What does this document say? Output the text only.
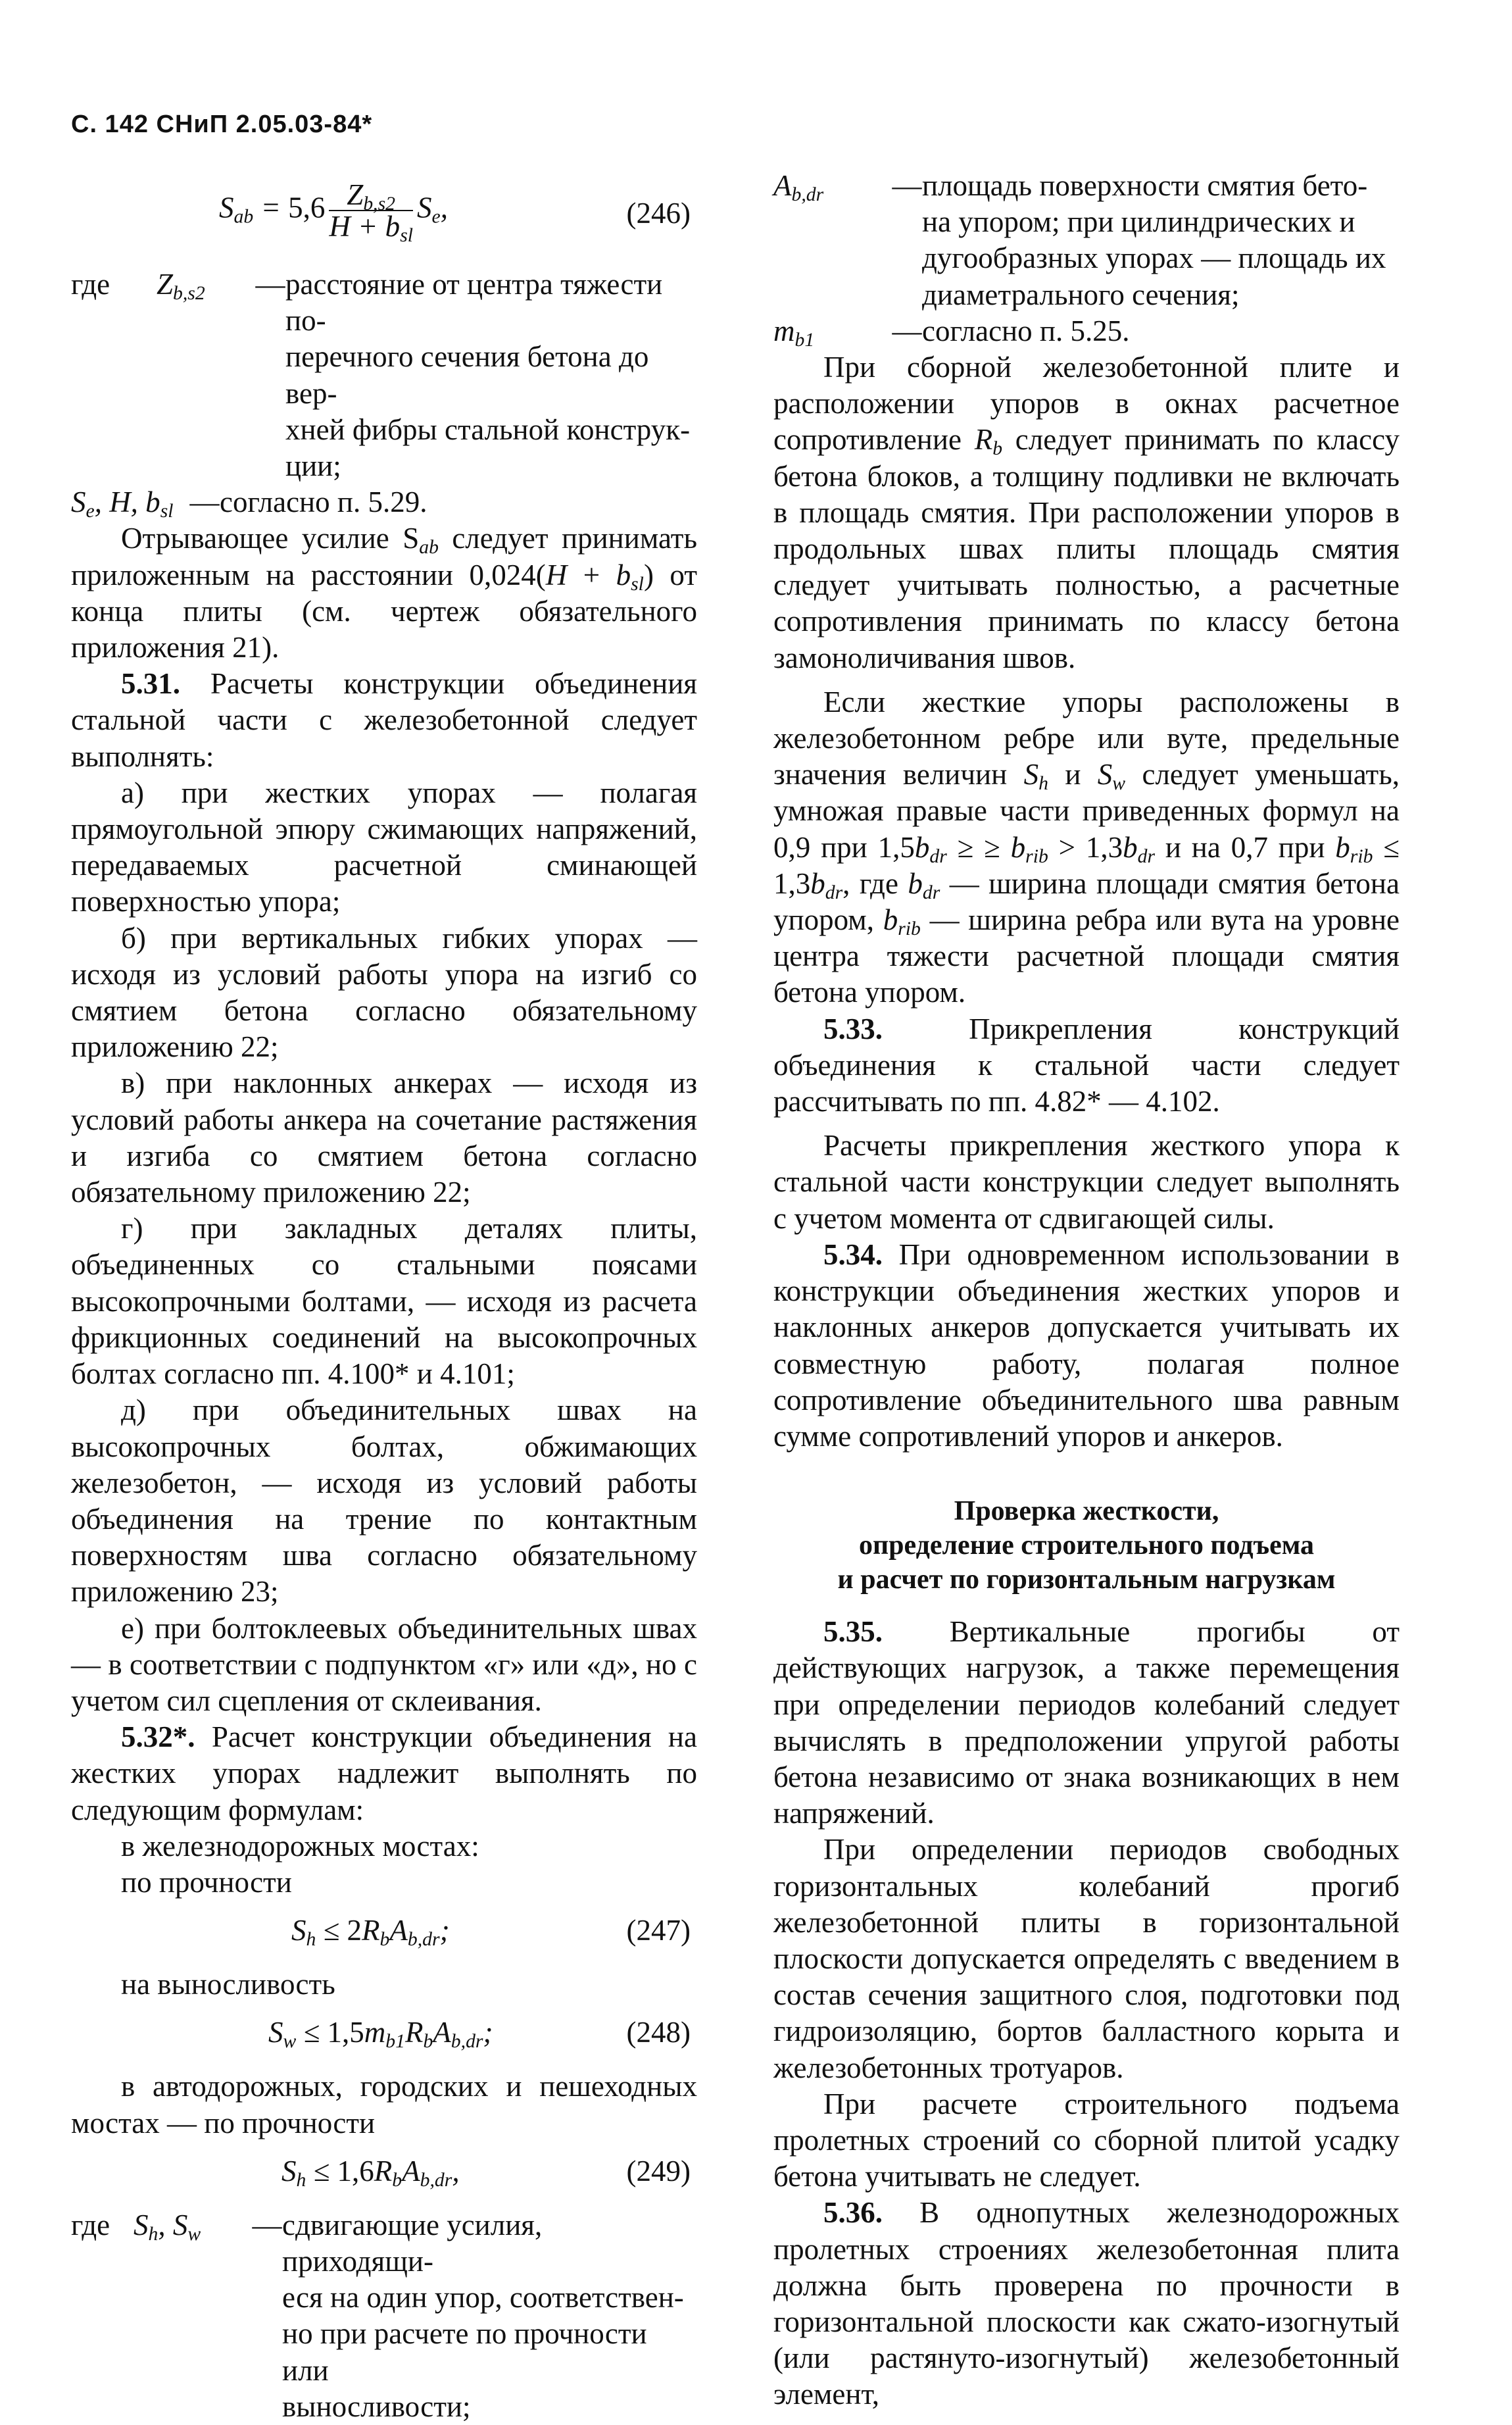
С. 142 СНиП 2.05.03-84*
$S_{ab} = 5,6 \frac{Z_{b,s2}}{H + b_{sl}} S_e$,	(246)
где	$Z_{b,s2}$	— расстояние от центра тяжести по-
перечного сечения бетона до вер-
хней фибры стальной конструк-
ции;
$S_e$, H, $b_{sl}$ — согласно п. 5.29.

Отрывающее усилие $S_{ab}$ следует принимать приложенным на расстоянии $0,024(H + b_{sl})$ от конца плиты (см. чертеж обязательного приложения 21).

5.31. Расчеты конструкции объединения стальной части с железобетонной следует выполнять:

а) при жестких упорах — полагая прямоугольной эпюру сжимающих напряжений, передаваемых расчетной сминающей поверхностью упора;

б) при вертикальных гибких упорах — исходя из условий работы упора на изгиб со смятием бетона согласно обязательному приложению 22;

в) при наклонных анкерах — исходя из условий работы анкера на сочетание растяжения и изгиба со смятием бетона согласно обязательному приложению 22;

г) при закладных деталях плиты, объединенных со стальными поясами высокопрочными болтами, — исходя из расчета фрикционных соединений на высокопрочных болтах согласно пп. 4.100* и 4.101;

д) при объединительных швах на высокопрочных болтах, обжимающих железобетон, — исходя из условий работы объединения на трение по контактным поверхностям шва согласно обязательному приложению 23;

е) при болтоклеевых объединительных швах — в соответствии с подпунктом «г» или «д», но с учетом сил сцепления от склеивания.

5.32*. Расчет конструкции объединения на жестких упорах надлежит выполнять по следующим формулам:

в железнодорожных мостах:

по прочности

$S_h \le 2R_bA_{b,dr}$;	(247)

на выносливость

$S_w \le 1,5m_{b1}R_bA_{b,dr}$;	(248)

в автодорожных, городских и пешеходных мостах — по прочности

$S_h \le 1,6R_bA_{b,dr}$,	(249)
где $S_h$, $S_w$	— сдвигающие усилия, приходящи-
еся на один упор, соответствен-
но при расчете по прочности или
выносливости;
$A_{b,dr}$	— площадь поверхности смятия бето-
на упором; при цилиндрических и
дугообразных упорах — площадь их
диаметрального сечения;
$m_{b1}$	— согласно п. 5.25.

При сборной железобетонной плите и расположении упоров в окнах расчетное сопротивление $R_b$ следует принимать по классу бетона блоков, а толщину подливки не включать в площадь смятия. При расположении упоров в продольных швах плиты площадь смятия следует учитывать полностью, а расчетные сопротивления принимать по классу бетона замоноличивания швов.

Если жесткие упоры расположены в железобетонном ребре или вуте, предельные значения величин $S_h$ и $S_w$ следует уменьшать, умножая правые части приведенных формул на 0,9 при $1,5b_{dr}$ ≥ ≥ $b_{rib} > 1,3b_{dr}$ и на 0,7 при $b_{rib} \le 1,3b_{dr}$, где $b_{dr}$ — ширина площади смятия бетона упором, $b_{rib}$ — ширина ребра или вута на уровне центра тяжести расчетной площади смятия бетона упором.

5.33. Прикрепления конструкций объединения к стальной части следует рассчитывать по пп. 4.82* — 4.102.

Расчеты прикрепления жесткого упора к стальной части конструкции следует выполнять с учетом момента от сдвигающей силы.

5.34. При одновременном использовании в конструкции объединения жестких упоров и наклонных анкеров допускается учитывать их совместную работу, полагая полное сопротивление объединительного шва равным сумме сопротивлений упоров и анкеров.

Проверка жесткости,

определение строительного подъема

и расчет по горизонтальным нагрузкам

5.35. Вертикальные прогибы от действующих нагрузок, а также перемещения при определении периодов колебаний следует вычислять в предположении упругой работы бетона независимо от знака возникающих в нем напряжений.

При определении периодов свободных горизонтальных колебаний прогиб железобетонной плиты в горизонтальной плоскости допускается определять с введением в состав сечения защитного слоя, подготовки под гидроизоляцию, бортов балластного корыта и железобетонных тротуаров.

При расчете строительного подъема пролетных строений со сборной плитой усадку бетона учитывать не следует.

5.36. В однопутных железнодорожных пролетных строениях железобетонная плита должна быть проверена по прочности в горизонтальной плоскости как сжато-изогнутый (или растянуто-изогнутый) железобетонный элемент,
